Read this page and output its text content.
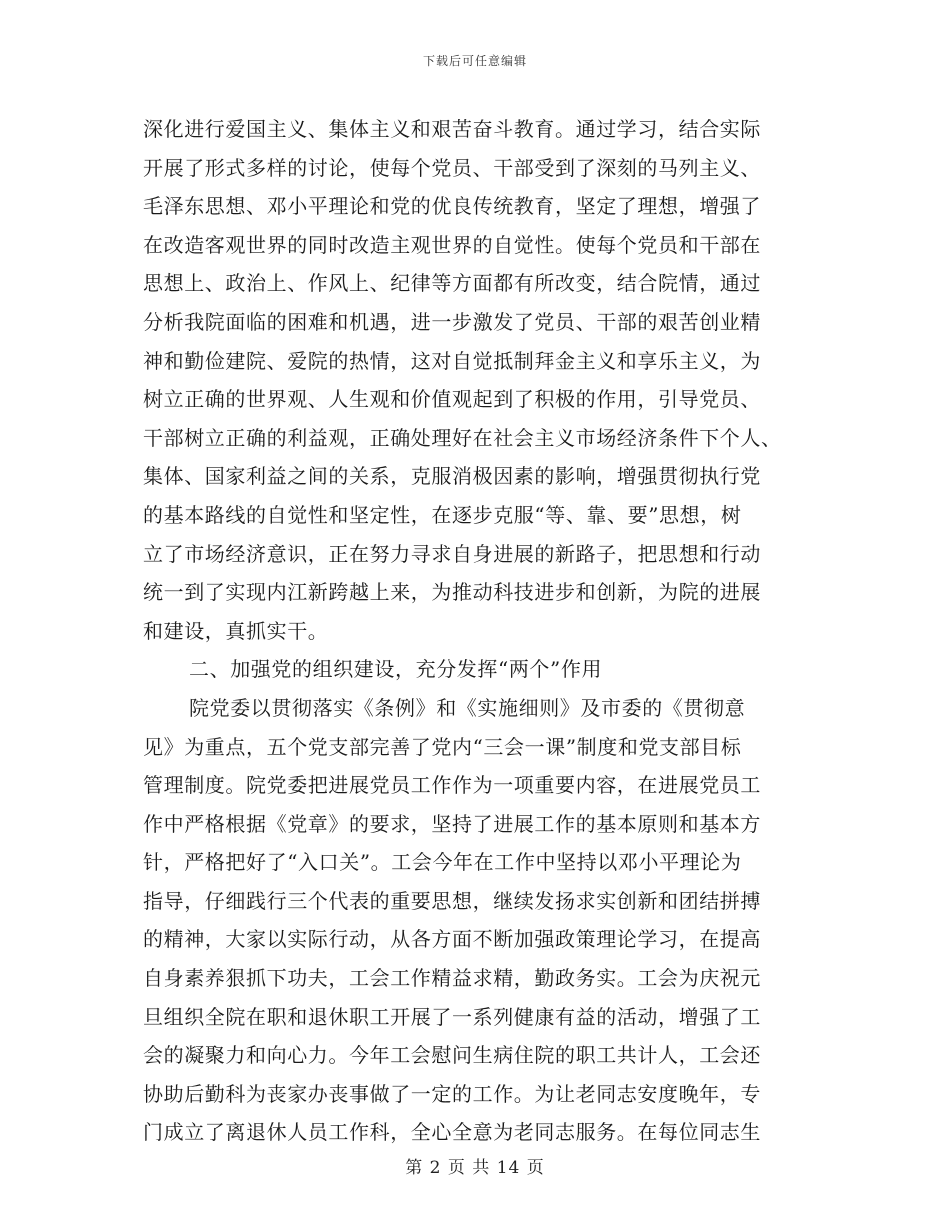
下载后可任意编辑
深化进行爱国主义、集体主义和艰苦奋斗教育。通过学习，结合实际
开展了形式多样的讨论，使每个党员、干部受到了深刻的马列主义、
毛泽东思想、邓小平理论和党的优良传统教育，坚定了理想，增强了
在改造客观世界的同时改造主观世界的自觉性。使每个党员和干部在
思想上、政治上、作风上、纪律等方面都有所改变，结合院情，通过
分析我院面临的困难和机遇，进一步激发了党员、干部的艰苦创业精
神和勤俭建院、爱院的热情，这对自觉抵制拜金主义和享乐主义，为
树立正确的世界观、人生观和价值观起到了积极的作用，引导党员、
干部树立正确的利益观，正确处理好在社会主义市场经济条件下个人、
集体、国家利益之间的关系，克服消极因素的影响，增强贯彻执行党
的基本路线的自觉性和坚定性，在逐步克服“等、靠、要”思想，树
立了市场经济意识，正在努力寻求自身进展的新路子，把思想和行动
统一到了实现内江新跨越上来，为推动科技进步和创新，为院的进展
和建设，真抓实干。
二、加强党的组织建设，充分发挥“两个”作用
院党委以贯彻落实《条例》和《实施细则》及市委的《贯彻意
见》为重点，五个党支部完善了党内“三会一课”制度和党支部目标
管理制度。院党委把进展党员工作作为一项重要内容，在进展党员工
作中严格根据《党章》的要求，坚持了进展工作的基本原则和基本方
针，严格把好了“入口关”。工会今年在工作中坚持以邓小平理论为
指导，仔细践行三个代表的重要思想，继续发扬求实创新和团结拼搏
的精神，大家以实际行动，从各方面不断加强政策理论学习，在提高
自身素养狠抓下功夫，工会工作精益求精，勤政务实。工会为庆祝元
旦组织全院在职和退休职工开展了一系列健康有益的活动，增强了工
会的凝聚力和向心力。今年工会慰问生病住院的职工共计人，工会还
协助后勤科为丧家办丧事做了一定的工作。为让老同志安度晚年，专
门成立了离退休人员工作科，全心全意为老同志服务。在每位同志生
第 2 页 共 14 页
